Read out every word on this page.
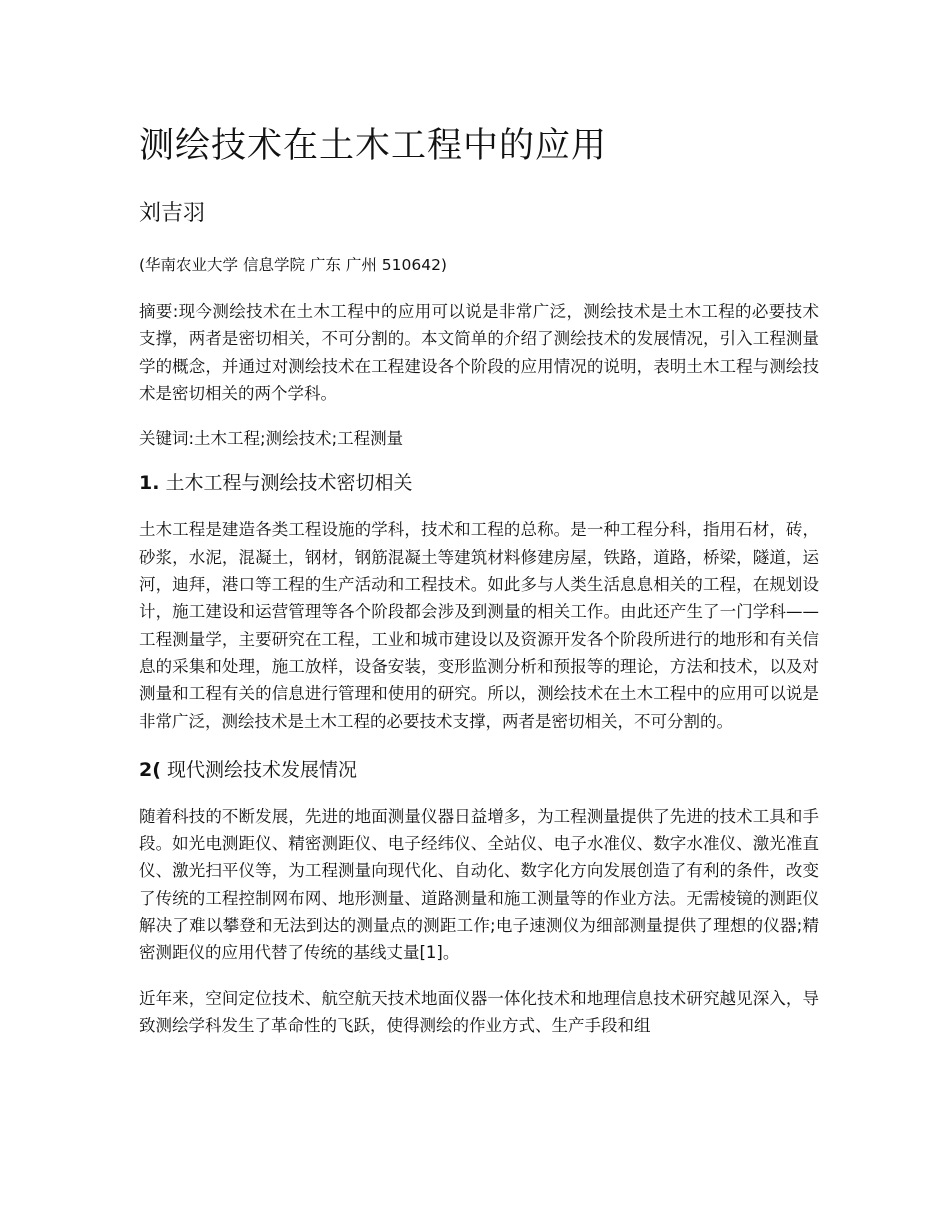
测绘技术在土木工程中的应用
刘吉羽
(华南农业大学 信息学院 广东 广州 510642)

摘要:现今测绘技术在土木工程中的应用可以说是非常广泛，测绘技术是土木工程的必要技术支撑，两者是密切相关，不可分割的。本文简单的介绍了测绘技术的发展情况，引入工程测量学的概念，并通过对测绘技术在工程建设各个阶段的应用情况的说明，表明土木工程与测绘技术是密切相关的两个学科。

关键词:土木工程;测绘技术;工程测量

1. 土木工程与测绘技术密切相关

土木工程是建造各类工程设施的学科，技术和工程的总称。是一种工程分科，指用石材，砖，砂浆，水泥，混凝土，钢材，钢筋混凝土等建筑材料修建房屋，铁路，道路，桥梁，隧道，运河，迪拜，港口等工程的生产活动和工程技术。如此多与人类生活息息相关的工程，在规划设计，施工建设和运营管理等各个阶段都会涉及到测量的相关工作。由此还产生了一门学科——工程测量学，主要研究在工程，工业和城市建设以及资源开发各个阶段所进行的地形和有关信息的采集和处理，施工放样，设备安装，变形监测分析和预报等的理论，方法和技术，以及对测量和工程有关的信息进行管理和使用的研究。所以，测绘技术在土木工程中的应用可以说是非常广泛，测绘技术是土木工程的必要技术支撑，两者是密切相关，不可分割的。

2( 现代测绘技术发展情况

随着科技的不断发展，先进的地面测量仪器日益增多，为工程测量提供了先进的技术工具和手段。如光电测距仪、精密测距仪、电子经纬仪、全站仪、电子水准仪、数字水准仪、激光准直仪、激光扫平仪等，为工程测量向现代化、自动化、数字化方向发展创造了有利的条件，改变了传统的工程控制网布网、地形测量、道路测量和施工测量等的作业方法。无需棱镜的测距仪解决了难以攀登和无法到达的测量点的测距工作;电子速测仪为细部测量提供了理想的仪器;精密测距仪的应用代替了传统的基线丈量[1]。

近年来，空间定位技术、航空航天技术地面仪器一体化技术和地理信息技术研究越见深入，导致测绘学科发生了革命性的飞跃，使得测绘的作业方式、生产手段和组
